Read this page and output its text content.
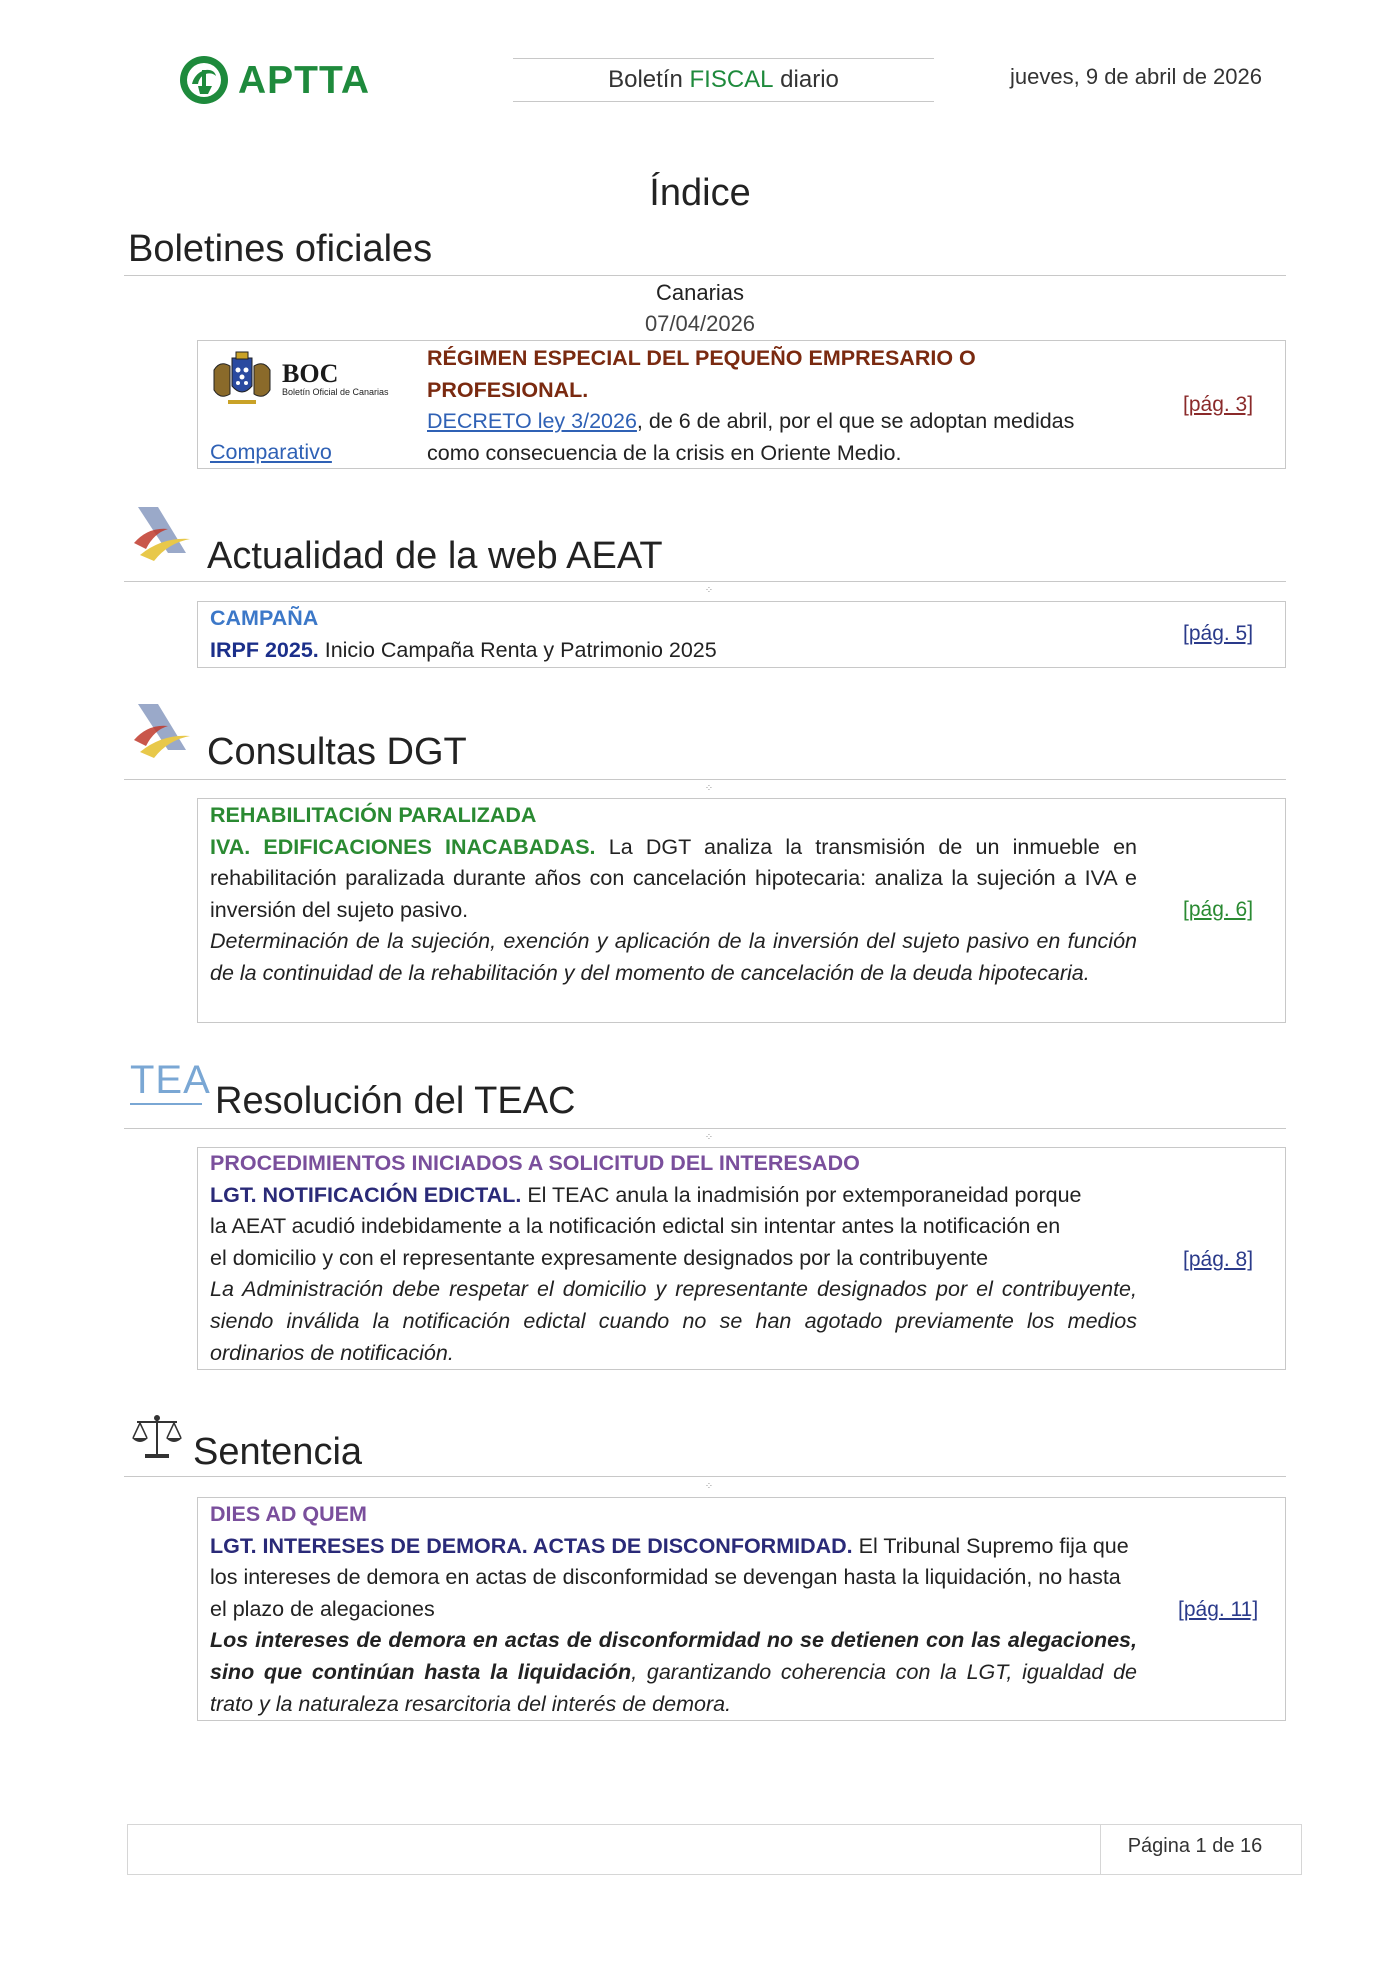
APTTA	Boletín FISCAL diario	jueves, 9 de abril de 2026
Índice
Boletines oficiales
Canarias
07/04/2026
BOC
Boletín Oficial de Canarias
RÉGIMEN ESPECIAL DEL PEQUEÑO EMPRESARIO O PROFESIONAL.
DECRETO ley 3/2026, de 6 de abril, por el que se adoptan medidas
como consecuencia de la crisis en Oriente Medio.
Comparativo
[pág. 3]
Actualidad de la web AEAT
⁘
CAMPAÑA
IRPF 2025. Inicio Campaña Renta y Patrimonio 2025
[pág. 5]
Consultas DGT
⁘
REHABILITACIÓN PARALIZADA
IVA. EDIFICACIONES INACABADAS. La DGT analiza la transmisión de un inmueble en rehabilitación paralizada durante años con cancelación hipotecaria: analiza la sujeción a IVA e inversión del sujeto pasivo.
Determinación de la sujeción, exención y aplicación de la inversión del sujeto pasivo en función de la continuidad de la rehabilitación y del momento de cancelación de la deuda hipotecaria.
[pág. 6]
TEA Resolución del TEAC
⁘
PROCEDIMIENTOS INICIADOS A SOLICITUD DEL INTERESADO
LGT. NOTIFICACIÓN EDICTAL. El TEAC anula la inadmisión por extemporaneidad porque
la AEAT acudió indebidamente a la notificación edictal sin intentar antes la notificación en
el domicilio y con el representante expresamente designados por la contribuyente
La Administración debe respetar el domicilio y representante designados por el contribuyente, siendo inválida la notificación edictal cuando no se han agotado previamente los medios ordinarios de notificación.
[pág. 8]
Sentencia
⁘
DIES AD QUEM
LGT. INTERESES DE DEMORA. ACTAS DE DISCONFORMIDAD. El Tribunal Supremo fija que los intereses de demora en actas de disconformidad se devengan hasta la liquidación, no hasta el plazo de alegaciones
Los intereses de demora en actas de disconformidad no se detienen con las alegaciones, sino que continúan hasta la liquidación, garantizando coherencia con la LGT, igualdad de trato y la naturaleza resarcitoria del interés de demora.
[pág. 11]
Página 1 de 16
